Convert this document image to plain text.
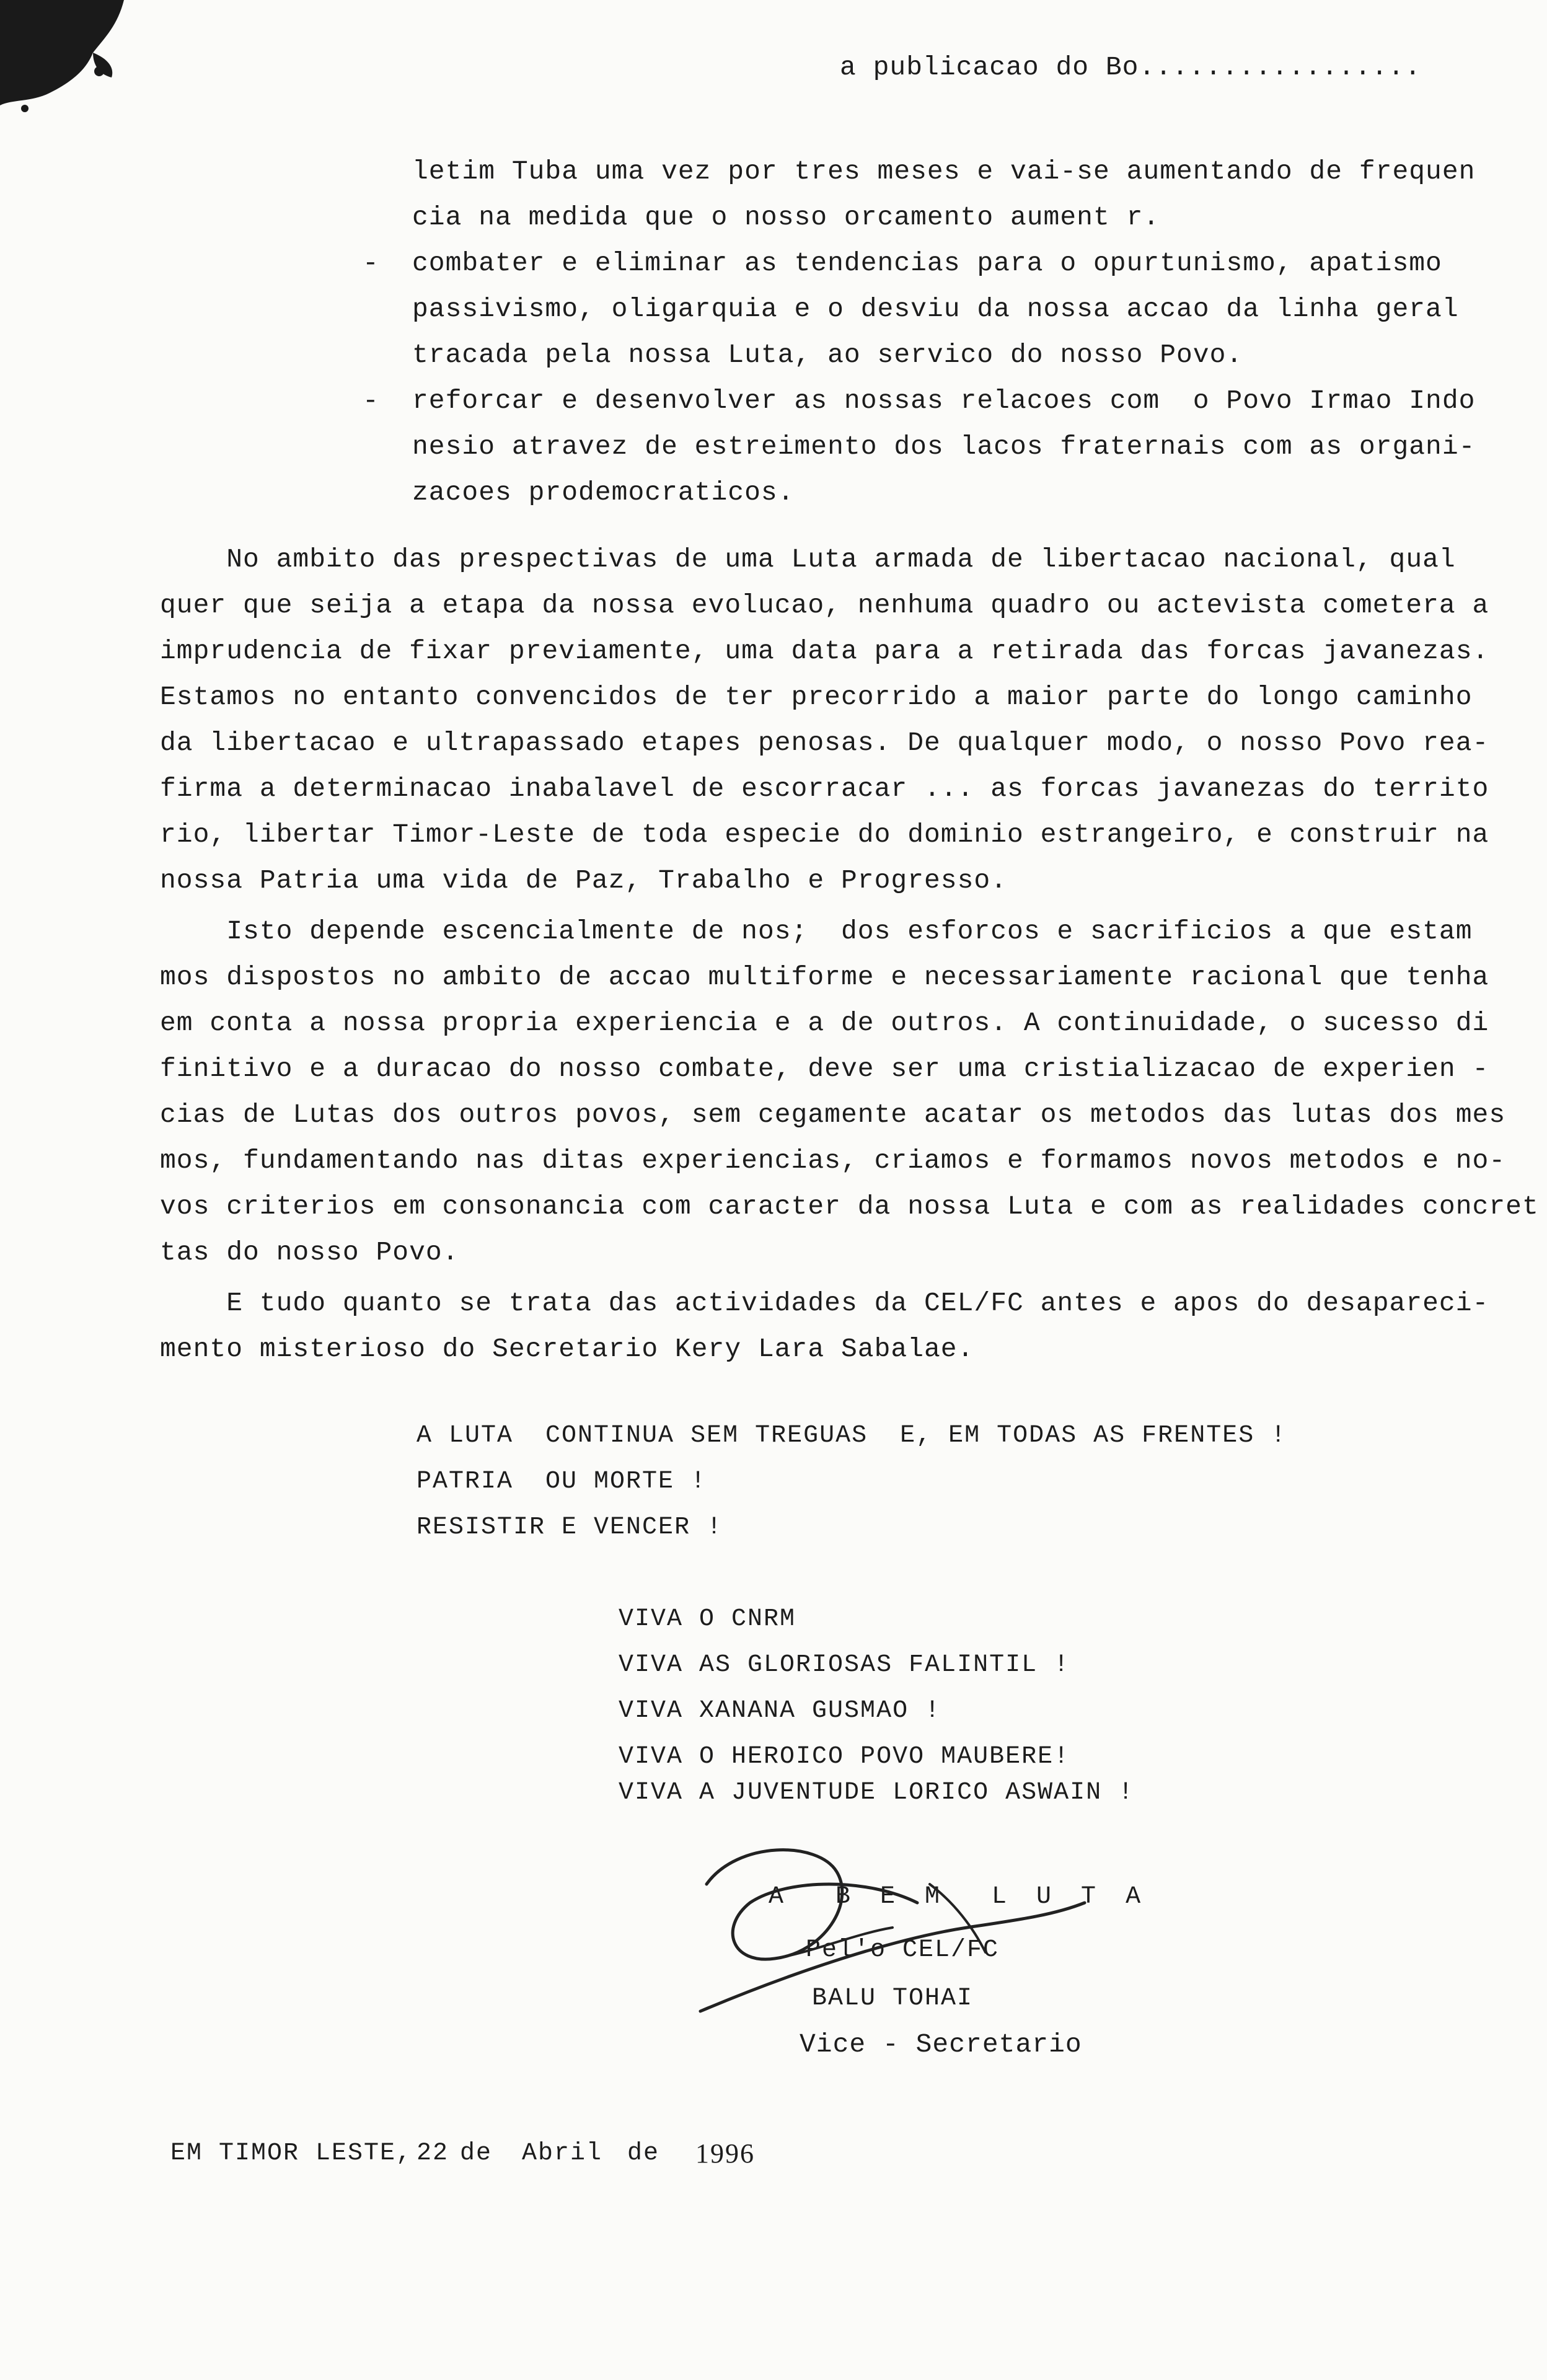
a publicacao do Bo.................
letim Tuba uma vez por tres meses e vai-se aumentando de frequen
cia na medida que o nosso orcamento aument r.
- combater e eliminar as tendencias para o opurtunismo, apatismo
passivismo, oligarquia e o desviu da nossa accao da linha geral
tracada pela nossa Luta, ao servico do nosso Povo.
- reforcar e desenvolver as nossas relacoes com  o Povo Irmao Indo
nesio atravez de estreimento dos lacos fraternais com as organi-
zacoes prodemocraticos.
No ambito das prespectivas de uma Luta armada de libertacao nacional, qual
quer que seija a etapa da nossa evolucao, nenhuma quadro ou actevista cometera a
imprudencia de fixar previamente, uma data para a retirada das forcas javanezas.
Estamos no entanto convencidos de ter precorrido a maior parte do longo caminho
da libertacao e ultrapassado etapes penosas. De qualquer modo, o nosso Povo rea-
firma a determinacao inabalavel de escorracar ... as forcas javanezas do territo
rio, libertar Timor-Leste de toda especie do dominio estrangeiro, e construir na
nossa Patria uma vida de Paz, Trabalho e Progresso.
Isto depende escencialmente de nos;  dos esforcos e sacrificios a que estam
mos dispostos no ambito de accao multiforme e necessariamente racional que tenha
em conta a nossa propria experiencia e a de outros. A continuidade, o sucesso di
finitivo e a duracao do nosso combate, deve ser uma cristializacao de experien -
cias de Lutas dos outros povos, sem cegamente acatar os metodos das lutas dos mes
mos, fundamentando nas ditas experiencias, criamos e formamos novos metodos e no-
vos criterios em consonancia com caracter da nossa Luta e com as realidades concret
tas do nosso Povo.
E tudo quanto se trata das actividades da CEL/FC antes e apos do desapareci-
mento misterioso do Secretario Kery Lara Sabalae.
A LUTA  CONTINUA SEM TREGUAS  E, EM TODAS AS FRENTES !
PATRIA  OU MORTE !
RESISTIR E VENCER !
VIVA O CNRM
VIVA AS GLORIOSAS FALINTIL !
VIVA XANANA GUSMAO !
VIVA O HEROICO POVO MAUBERE!
VIVA A JUVENTUDE LORICO ASWAIN !
A  B E M  L U T A
Pel'o CEL/FC
BALU TOHAI
Vice - Secretario
EM TIMOR LESTE, 22 de Abril de 1996
